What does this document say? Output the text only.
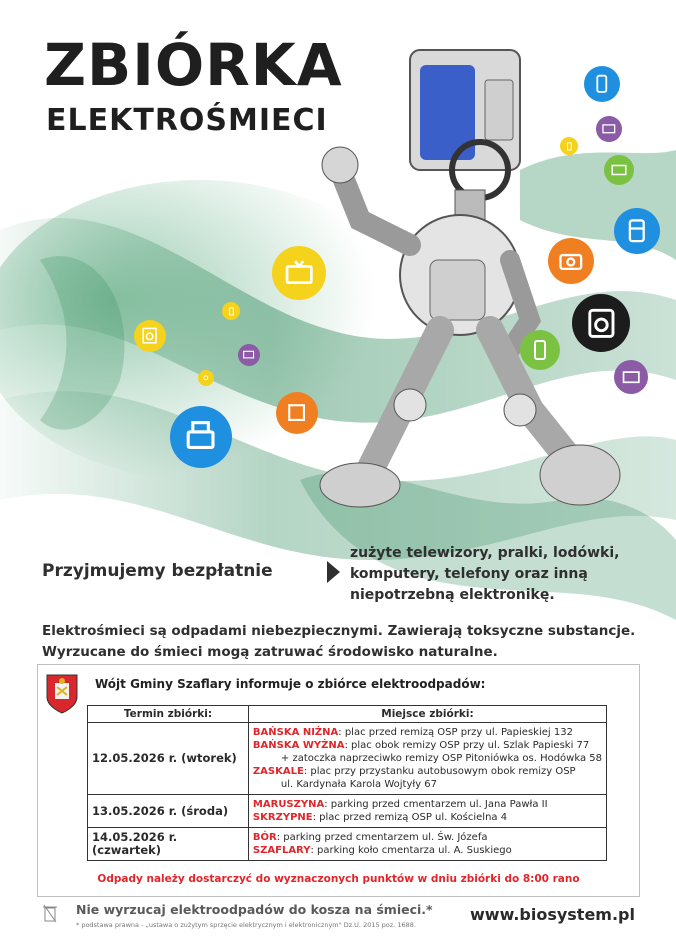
ZBIÓRKA
ELEKTROŚMIECI
Przyjmujemy bezpłatnie
zużyte telewizory, pralki, lodówki,
komputery, telefony oraz inną
niepotrzebną elektronikę.
Elektrośmieci są odpadami niebezpiecznymi. Zawierają toksyczne substancje.
Wyrzucane do śmieci mogą zatruwać środowisko naturalne.
Wójt Gminy Szaflary informuje o zbiórce elektroodpadów:
Termin zbiórki:	Miejsce zbiórki:
12.05.2026 r. (wtorek)	BAŃSKA NIŻNA: plac przed remizą OSP przy ul. Papieskiej 132
BAŃSKA WYŻNA: plac obok remizy OSP przy ul. Szlak Papieski 77
+ zatoczka naprzeciwko remizy OSP Pitoniówka os. Hodówka 58
ZASKALE: plac przy przystanku autobusowym obok remizy OSP
ul. Kardynała Karola Wojtyły 67

13.05.2026 r. (środa)	MARUSZYNA: parking przed cmentarzem ul. Jana Pawła II
SKRZYPNE: plac przed remizą OSP ul. Kościelna 4

14.05.2026 r. (czwartek)	BÓR: parking przed cmentarzem ul. Św. Józefa
SZAFLARY: parking koło cmentarza ul. A. Suskiego
Odpady należy dostarczyć do wyznaczonych punktów w dniu zbiórki do 8:00 rano
Nie wyrzucaj elektroodpadów do kosza na śmieci.*
* podstawa prawna - „ustawa o zużytym sprzęcie elektrycznym i elektronicznym" Dz.U. 2015 poz. 1688.
www.biosystem.pl
